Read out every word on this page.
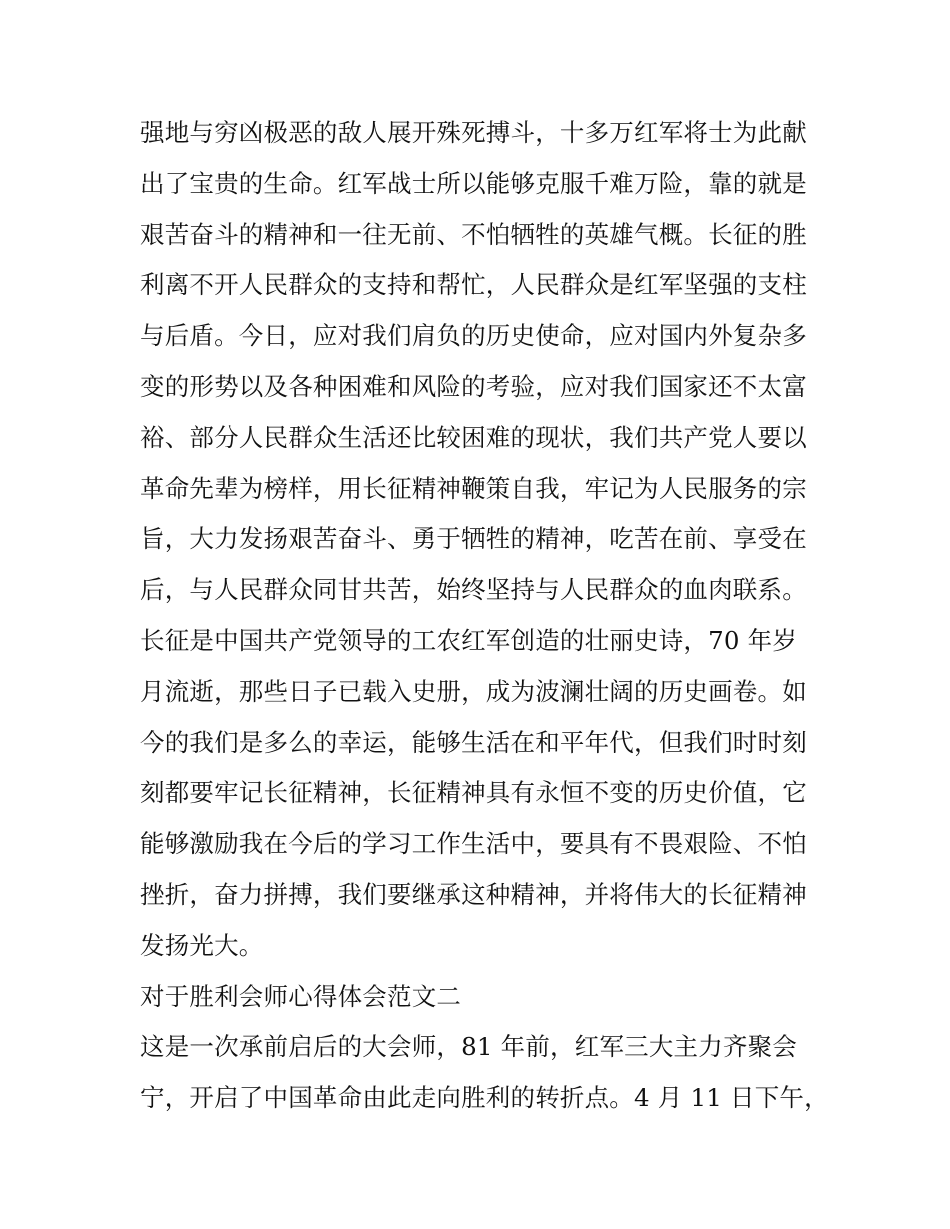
强地与穷凶极恶的敌人展开殊死搏斗，十多万红军将士为此献
出了宝贵的生命。红军战士所以能够克服千难万险，靠的就是
艰苦奋斗的精神和一往无前、不怕牺牲的英雄气概。长征的胜
利离不开人民群众的支持和帮忙，人民群众是红军坚强的支柱
与后盾。今日，应对我们肩负的历史使命，应对国内外复杂多
变的形势以及各种困难和风险的考验，应对我们国家还不太富
裕、部分人民群众生活还比较困难的现状，我们共产党人要以
革命先辈为榜样，用长征精神鞭策自我，牢记为人民服务的宗
旨，大力发扬艰苦奋斗、勇于牺牲的精神，吃苦在前、享受在
后，与人民群众同甘共苦，始终坚持与人民群众的血肉联系。
长征是中国共产党领导的工农红军创造的壮丽史诗，70 年岁
月流逝，那些日子已载入史册，成为波澜壮阔的历史画卷。如
今的我们是多么的幸运，能够生活在和平年代，但我们时时刻
刻都要牢记长征精神，长征精神具有永恒不变的历史价值，它
能够激励我在今后的学习工作生活中，要具有不畏艰险、不怕
挫折，奋力拼搏，我们要继承这种精神，并将伟大的长征精神
发扬光大。
对于胜利会师心得体会范文二
这是一次承前启后的大会师，81 年前，红军三大主力齐聚会
宁，开启了中国革命由此走向胜利的转折点。4 月 11 日下午，
